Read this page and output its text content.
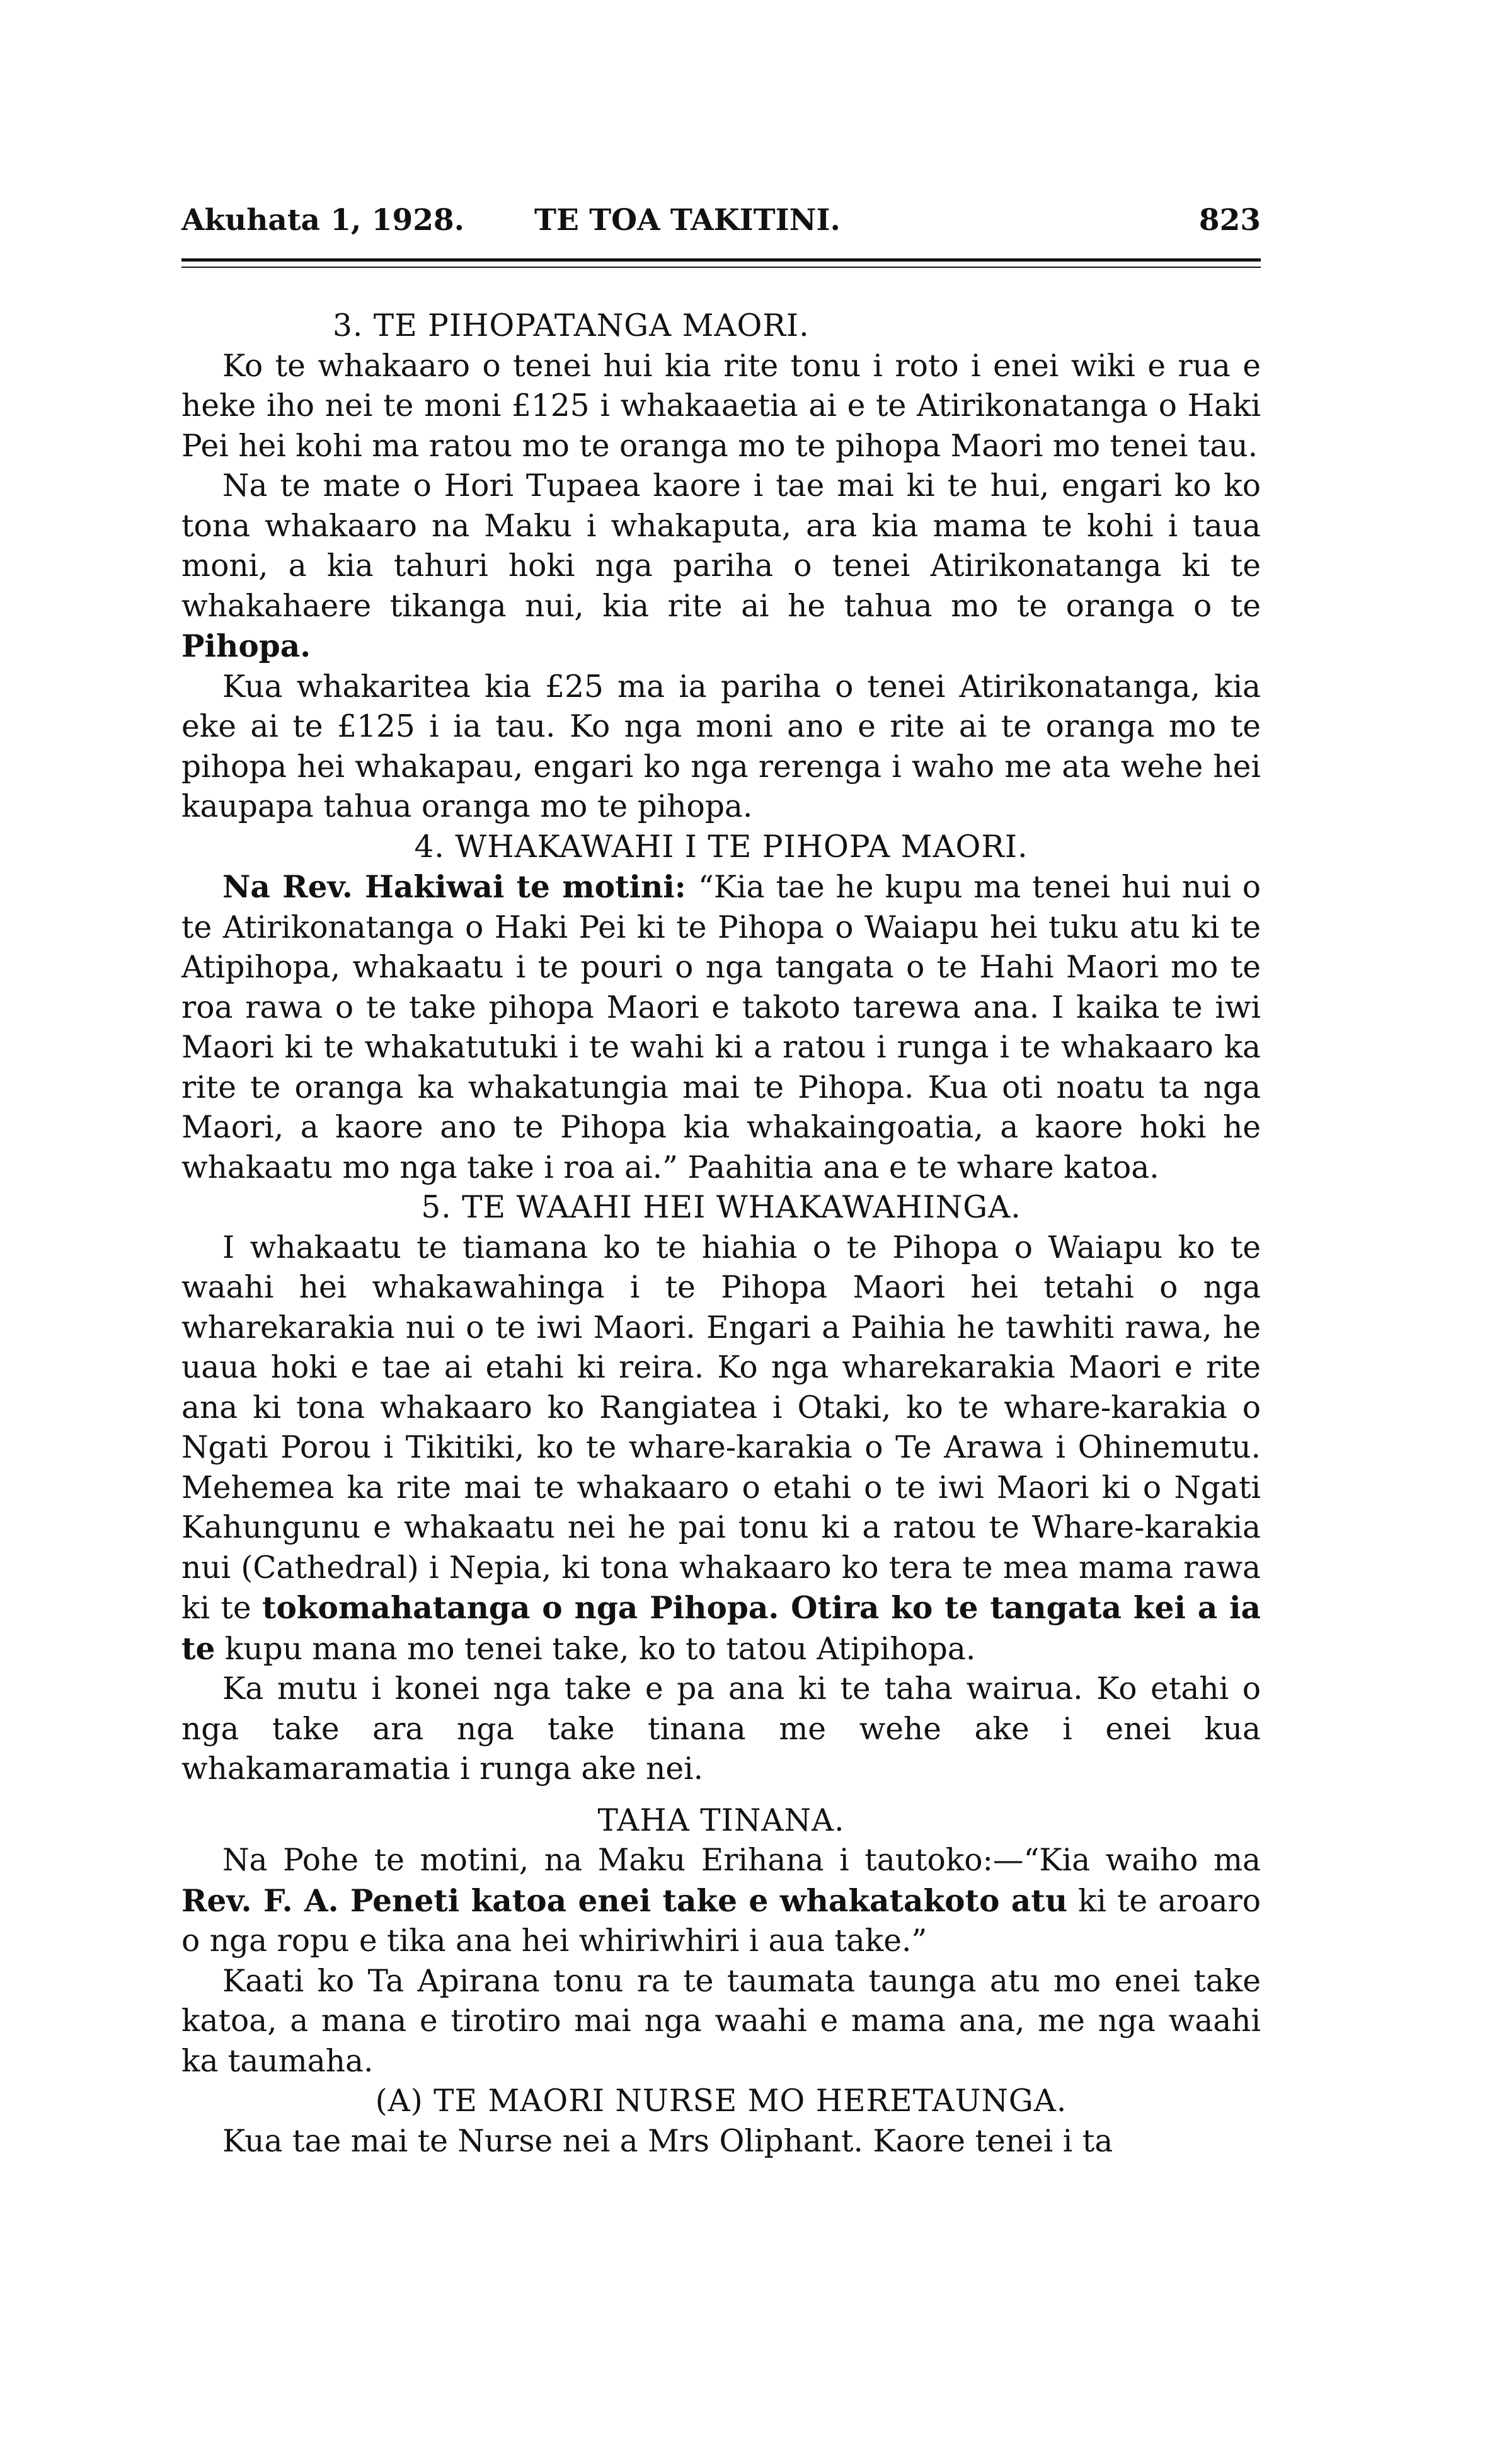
Akuhata 1, 1928. TE TOA TAKITINI.	823
3. TE PIHOPATANGA MAORI.

Ko te whakaaro o tenei hui kia rite tonu i roto i enei wiki e rua e heke iho nei te moni £125 i whakaaetia ai e te Atirikonatanga o Haki Pei hei kohi ma ratou mo te oranga mo te pihopa Maori mo tenei tau.

Na te mate o Hori Tupaea kaore i tae mai ki te hui, engari ko ko tona whakaaro na Maku i whakaputa, ara kia mama te kohi i taua moni, a kia tahuri hoki nga pariha o tenei Atirikonatanga ki te whakahaere tikanga nui, kia rite ai he tahua mo te oranga o te Pihopa.

Kua whakaritea kia £25 ma ia pariha o tenei Atirikonatanga, kia eke ai te £125 i ia tau. Ko nga moni ano e rite ai te oranga mo te pihopa hei whakapau, engari ko nga rerenga i waho me ata wehe hei kaupapa tahua oranga mo te pihopa.

4. WHAKAWAHI I TE PIHOPA MAORI.

Na Rev. Hakiwai te motini: “Kia tae he kupu ma tenei hui nui o te Atirikonatanga o Haki Pei ki te Pihopa o Waiapu hei tuku atu ki te Atipihopa, whakaatu i te pouri o nga tangata o te Hahi Maori mo te roa rawa o te take pihopa Maori e takoto tarewa ana. I kaika te iwi Maori ki te whakatutuki i te wahi ki a ratou i runga i te whakaaro ka rite te oranga ka whakatungia mai te Pihopa. Kua oti noatu ta nga Maori, a kaore ano te Pihopa kia whakaingoatia, a kaore hoki he whakaatu mo nga take i roa ai.” Paahitia ana e te whare katoa.

5. TE WAAHI HEI WHAKAWAHINGA.

I whakaatu te tiamana ko te hiahia o te Pihopa o Waiapu ko te waahi hei whakawahinga i te Pihopa Maori hei tetahi o nga wharekarakia nui o te iwi Maori. Engari a Paihia he tawhiti rawa, he uaua hoki e tae ai etahi ki reira. Ko nga wharekarakia Maori e rite ana ki tona whakaaro ko Rangiatea i Otaki, ko te whare-karakia o Ngati Porou i Tikitiki, ko te whare-karakia o Te Arawa i Ohinemutu. Mehemea ka rite mai te whakaaro o etahi o te iwi Maori ki o Ngati Kahungunu e whakaatu nei he pai tonu ki a ratou te Whare-karakia nui (Cathedral) i Nepia, ki tona whakaaro ko tera te mea mama rawa ki te tokomahatanga o nga Pihopa. Otira ko te tangata kei a ia te kupu mana mo tenei take, ko to tatou Atipihopa.

Ka mutu i konei nga take e pa ana ki te taha wairua. Ko etahi o nga take ara nga take tinana me wehe ake i enei kua whakamaramatia i runga ake nei.

TAHA TINANA.

Na Pohe te motini, na Maku Erihana i tautoko:—“Kia waiho ma Rev. F. A. Peneti katoa enei take e whakatakoto atu ki te aroaro o nga ropu e tika ana hei whiriwhiri i aua take.”

Kaati ko Ta Apirana tonu ra te taumata taunga atu mo enei take katoa, a mana e tirotiro mai nga waahi e mama ana, me nga waahi ka taumaha.

(A) TE MAORI NURSE MO HERETAUNGA.

Kua tae mai te Nurse nei a Mrs Oliphant. Kaore tenei i ta
